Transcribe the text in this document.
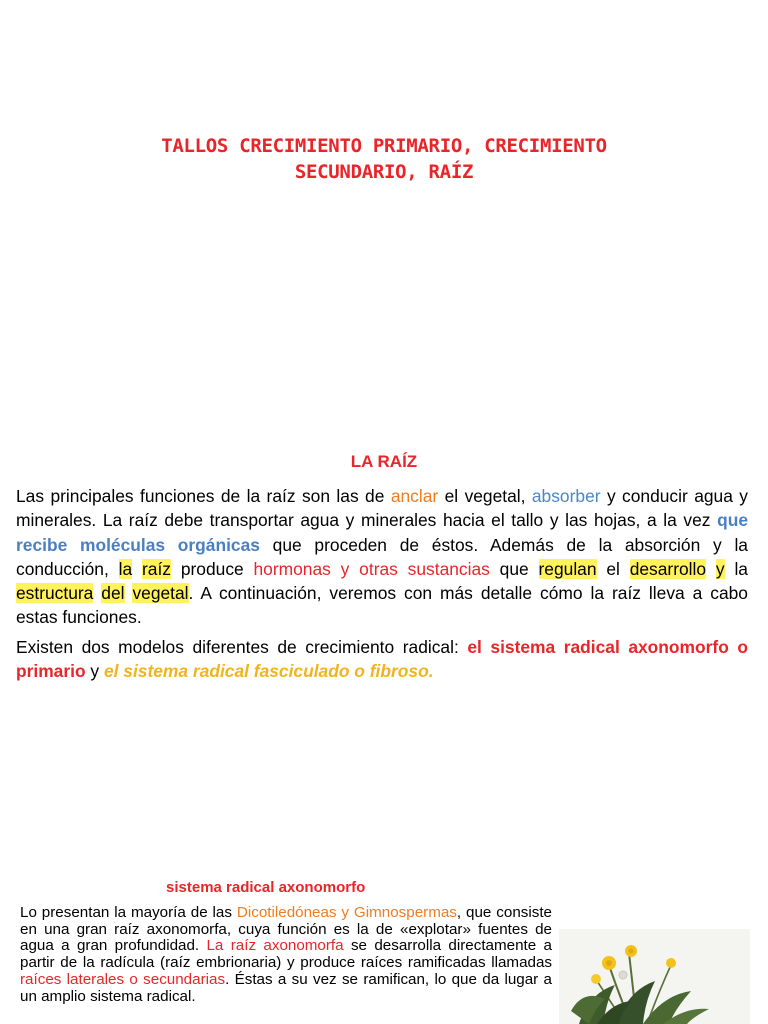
TALLOS CRECIMIENTO PRIMARIO, CRECIMIENTO
SECUNDARIO, RAÍZ
LA RAÍZ

Las principales funciones de la raíz son las de anclar el vegetal, absorber y conducir agua y minerales. La raíz debe transportar agua y minerales hacia el tallo y las hojas, a la vez que recibe moléculas orgánicas que proceden de éstos. Además de la absorción y la conducción, la raíz produce hormonas y otras sustancias que regulan el desarrollo y la estructura del vegetal. A continuación, veremos con más detalle cómo la raíz lleva a cabo estas funciones.

Existen dos modelos diferentes de crecimiento radical: el sistema radical axonomorfo o primario y el sistema radical fasciculado o fibroso.

sistema radical axonomorfo

Lo presentan la mayoría de las Dicotiledóneas y Gimnospermas, que consiste en una gran raíz axonomorfa, cuya función es la de «explotar» fuentes de agua a gran profundidad. La raíz axonomorfa se desarrolla directamente a partir de la radícula (raíz embrionaria) y produce raíces ramificadas llamadas raíces laterales o secundarias. Éstas a su vez se ramifican, lo que da lugar a un amplio sistema radical.
